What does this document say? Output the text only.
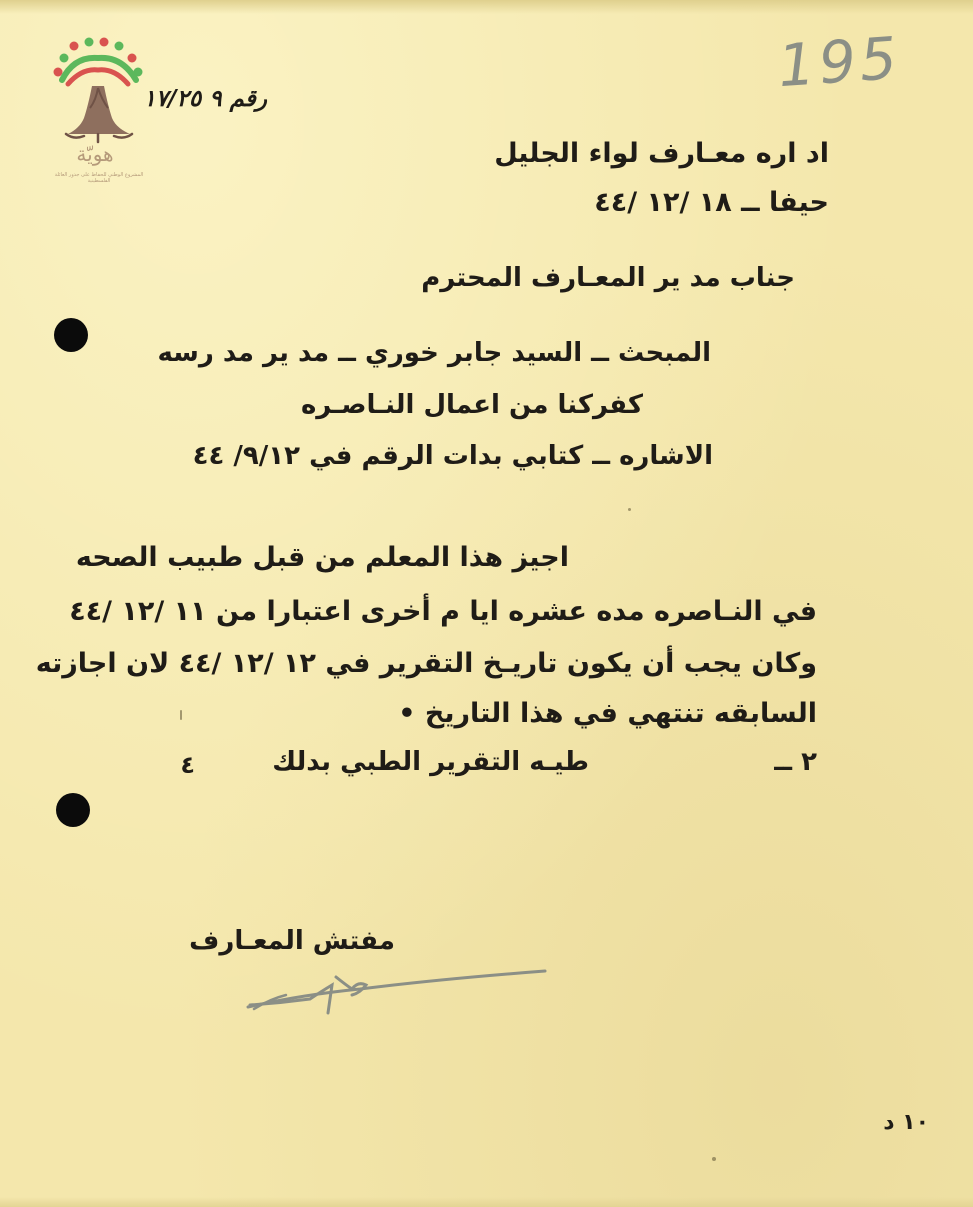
هويّة
المشروع الوطني للحفاظ على جذور العائلة الفلسطينية
195
رقم ٩ ١٧/٢٥
اد اره معـارف لواء الجليل
حيفا ــ ١٨ /١٢ /٤٤
جناب مد ير المعـارف المحترم
المبحث ــ السيد جابر خوري ــ مد ير مد رسه
كفركنا من اعمال النـاصـره
الاشاره ــ كتابي بدات الرقم في ٩/١٢/ ٤٤
اجيز هذا المعلم من قبل طبيب الصحه
في النـاصره مده عشره ايا م أخرى اعتبارا من ١١ /١٢ /٤٤
وكان يجب أن يكون تاريـخ التقرير في ١٢ /١٢ /٤٤ لان اجازته
السابقه تنتهي في هذا التاريخ •
٢ ــ
طيـه التقرير الطبي بدلك
٤
مفتش المعـارف
١٠ د
